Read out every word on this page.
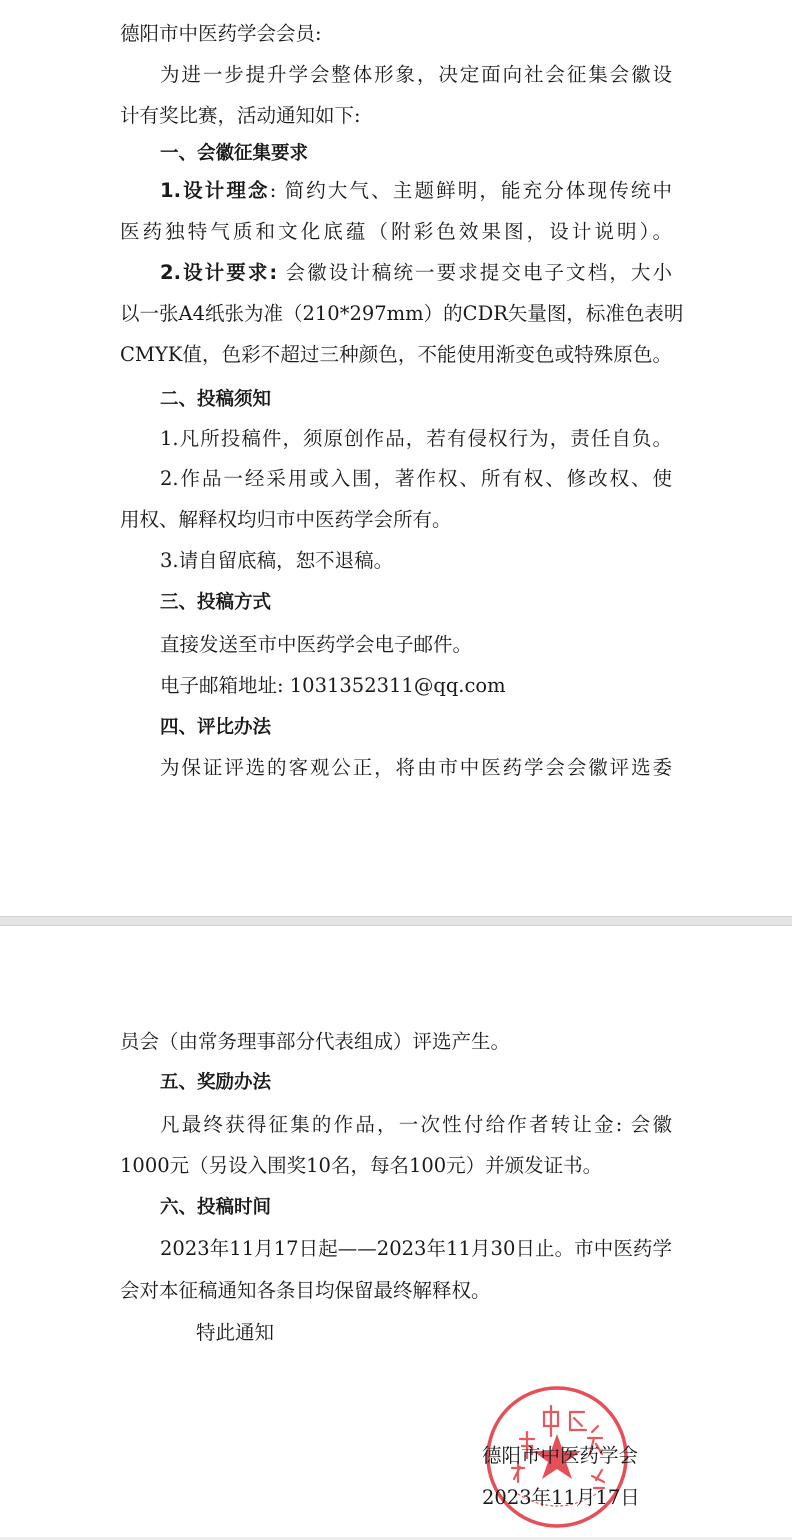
德阳市中医药学会会员:
为进一步提升学会整体形象，决定面向社会征集会徽设
计有奖比赛，活动通知如下:
一、会徽征集要求
1.设计理念: 简约大气、主题鲜明，能充分体现传统中
医药独特气质和文化底蕴（附彩色效果图，设计说明）。
2.设计要求: 会徽设计稿统一要求提交电子文档，大小
以一张A4纸张为准（210*297mm）的CDR矢量图，标准色表明
CMYK值，色彩不超过三种颜色，不能使用渐变色或特殊原色。
二、投稿须知
1.凡所投稿件，须原创作品，若有侵权行为，责任自负。
2.作品一经采用或入围，著作权、所有权、修改权、使
用权、解释权均归市中医药学会所有。
3.请自留底稿，恕不退稿。
三、投稿方式
直接发送至市中医药学会电子邮件。
电子邮箱地址: 1031352311@qq.com
四、评比办法
为保证评选的客观公正，将由市中医药学会会徽评选委
员会（由常务理事部分代表组成）评选产生。
五、奖励办法
凡最终获得征集的作品，一次性付给作者转让金: 会徽
1000元（另设入围奖10名，每名100元）并颁发证书。
六、投稿时间
2023年11月17日起——2023年11月30日止。市中医药学
会对本征稿通知各条目均保留最终解释权。
特此通知
德阳市中医药学会
2023年11月17日
